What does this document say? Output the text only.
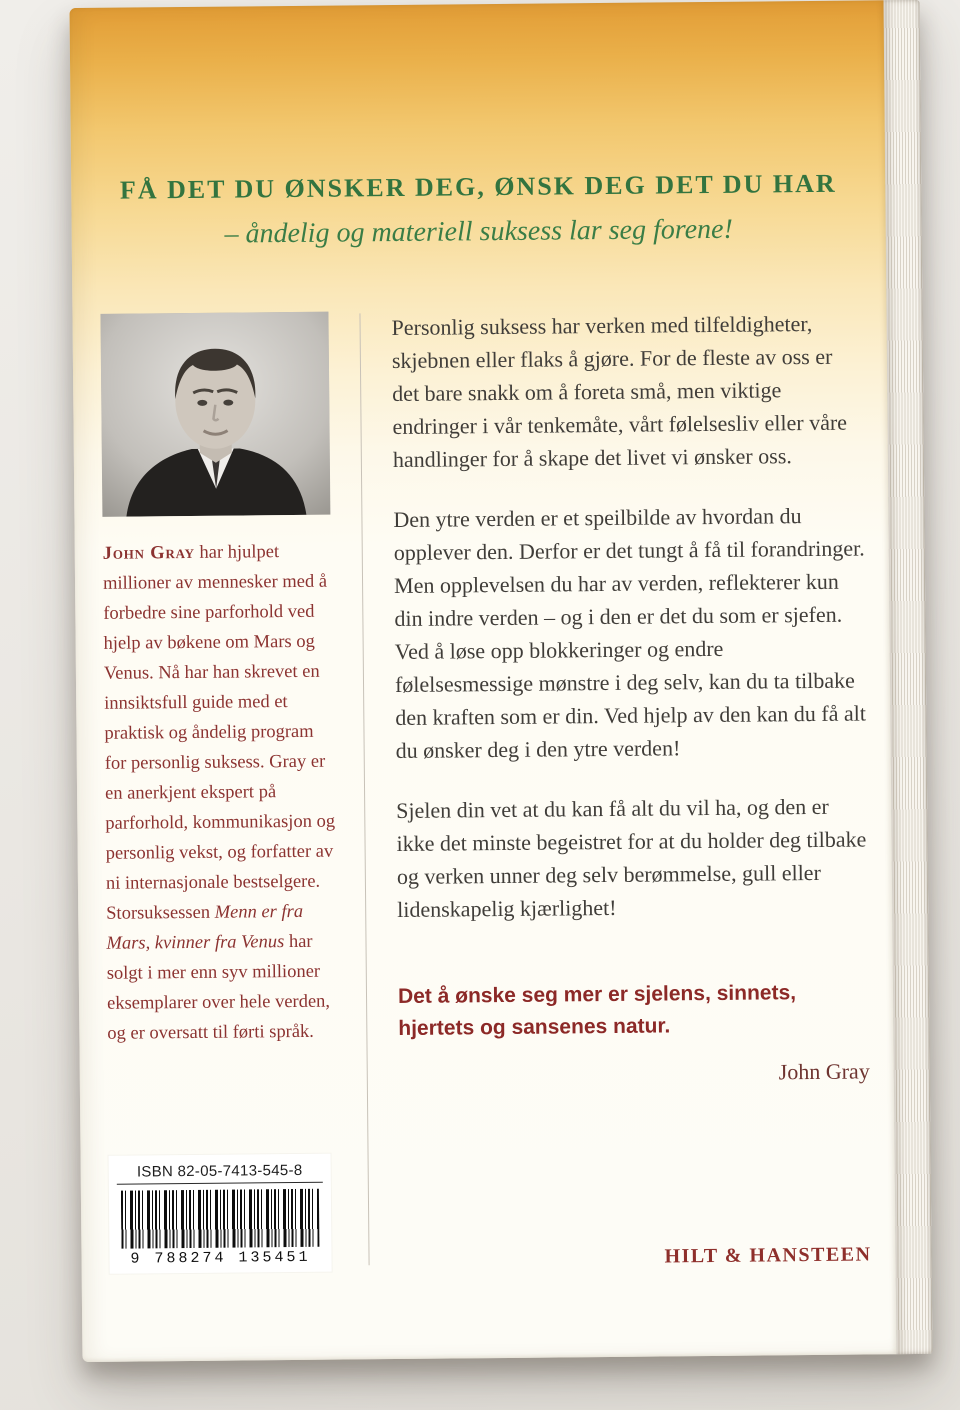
FÅ DET DU ØNSKER DEG, ØNSK DEG DET DU HAR
– åndelig og materiell suksess lar seg forene!

John Gray har hjulpet millioner av mennesker med å forbedre sine parforhold ved hjelp av bøkene om Mars og Venus. Nå har han skrevet en innsiktsfull guide med et praktisk og åndelig program for personlig suksess. Gray er en anerkjent ekspert på parforhold, kommunikasjon og personlig vekst, og forfatter av ni internasjonale bestselgere. Storsuksessen Menn er fra Mars, kvinner fra Venus har solgt i mer enn syv millioner eksemplarer over hele verden, og er oversatt til førti språk.

ISBN 82-05-7413-545-8
9 788274 135451

Personlig suksess har verken med tilfeldigheter, skjebnen eller flaks å gjøre. For de fleste av oss er det bare snakk om å foreta små, men viktige endringer i vår tenkemåte, vårt følelsesliv eller våre handlinger for å skape det livet vi ønsker oss.

Den ytre verden er et speilbilde av hvordan du opplever den. Derfor er det tungt å få til forandringer. Men opplevelsen du har av verden, reflekterer kun din indre verden – og i den er det du som er sjefen. Ved å løse opp blokkeringer og endre følelsesmessige mønstre i deg selv, kan du ta tilbake den kraften som er din. Ved hjelp av den kan du få alt du ønsker deg i den ytre verden!

Sjelen din vet at du kan få alt du vil ha, og den er ikke det minste begeistret for at du holder deg tilbake og verken unner deg selv berømmelse, gull eller lidenskapelig kjærlighet!

Det å ønske seg mer er sjelens, sinnets, hjertets og sansenes natur.

John Gray
HILT & HANSTEEN
